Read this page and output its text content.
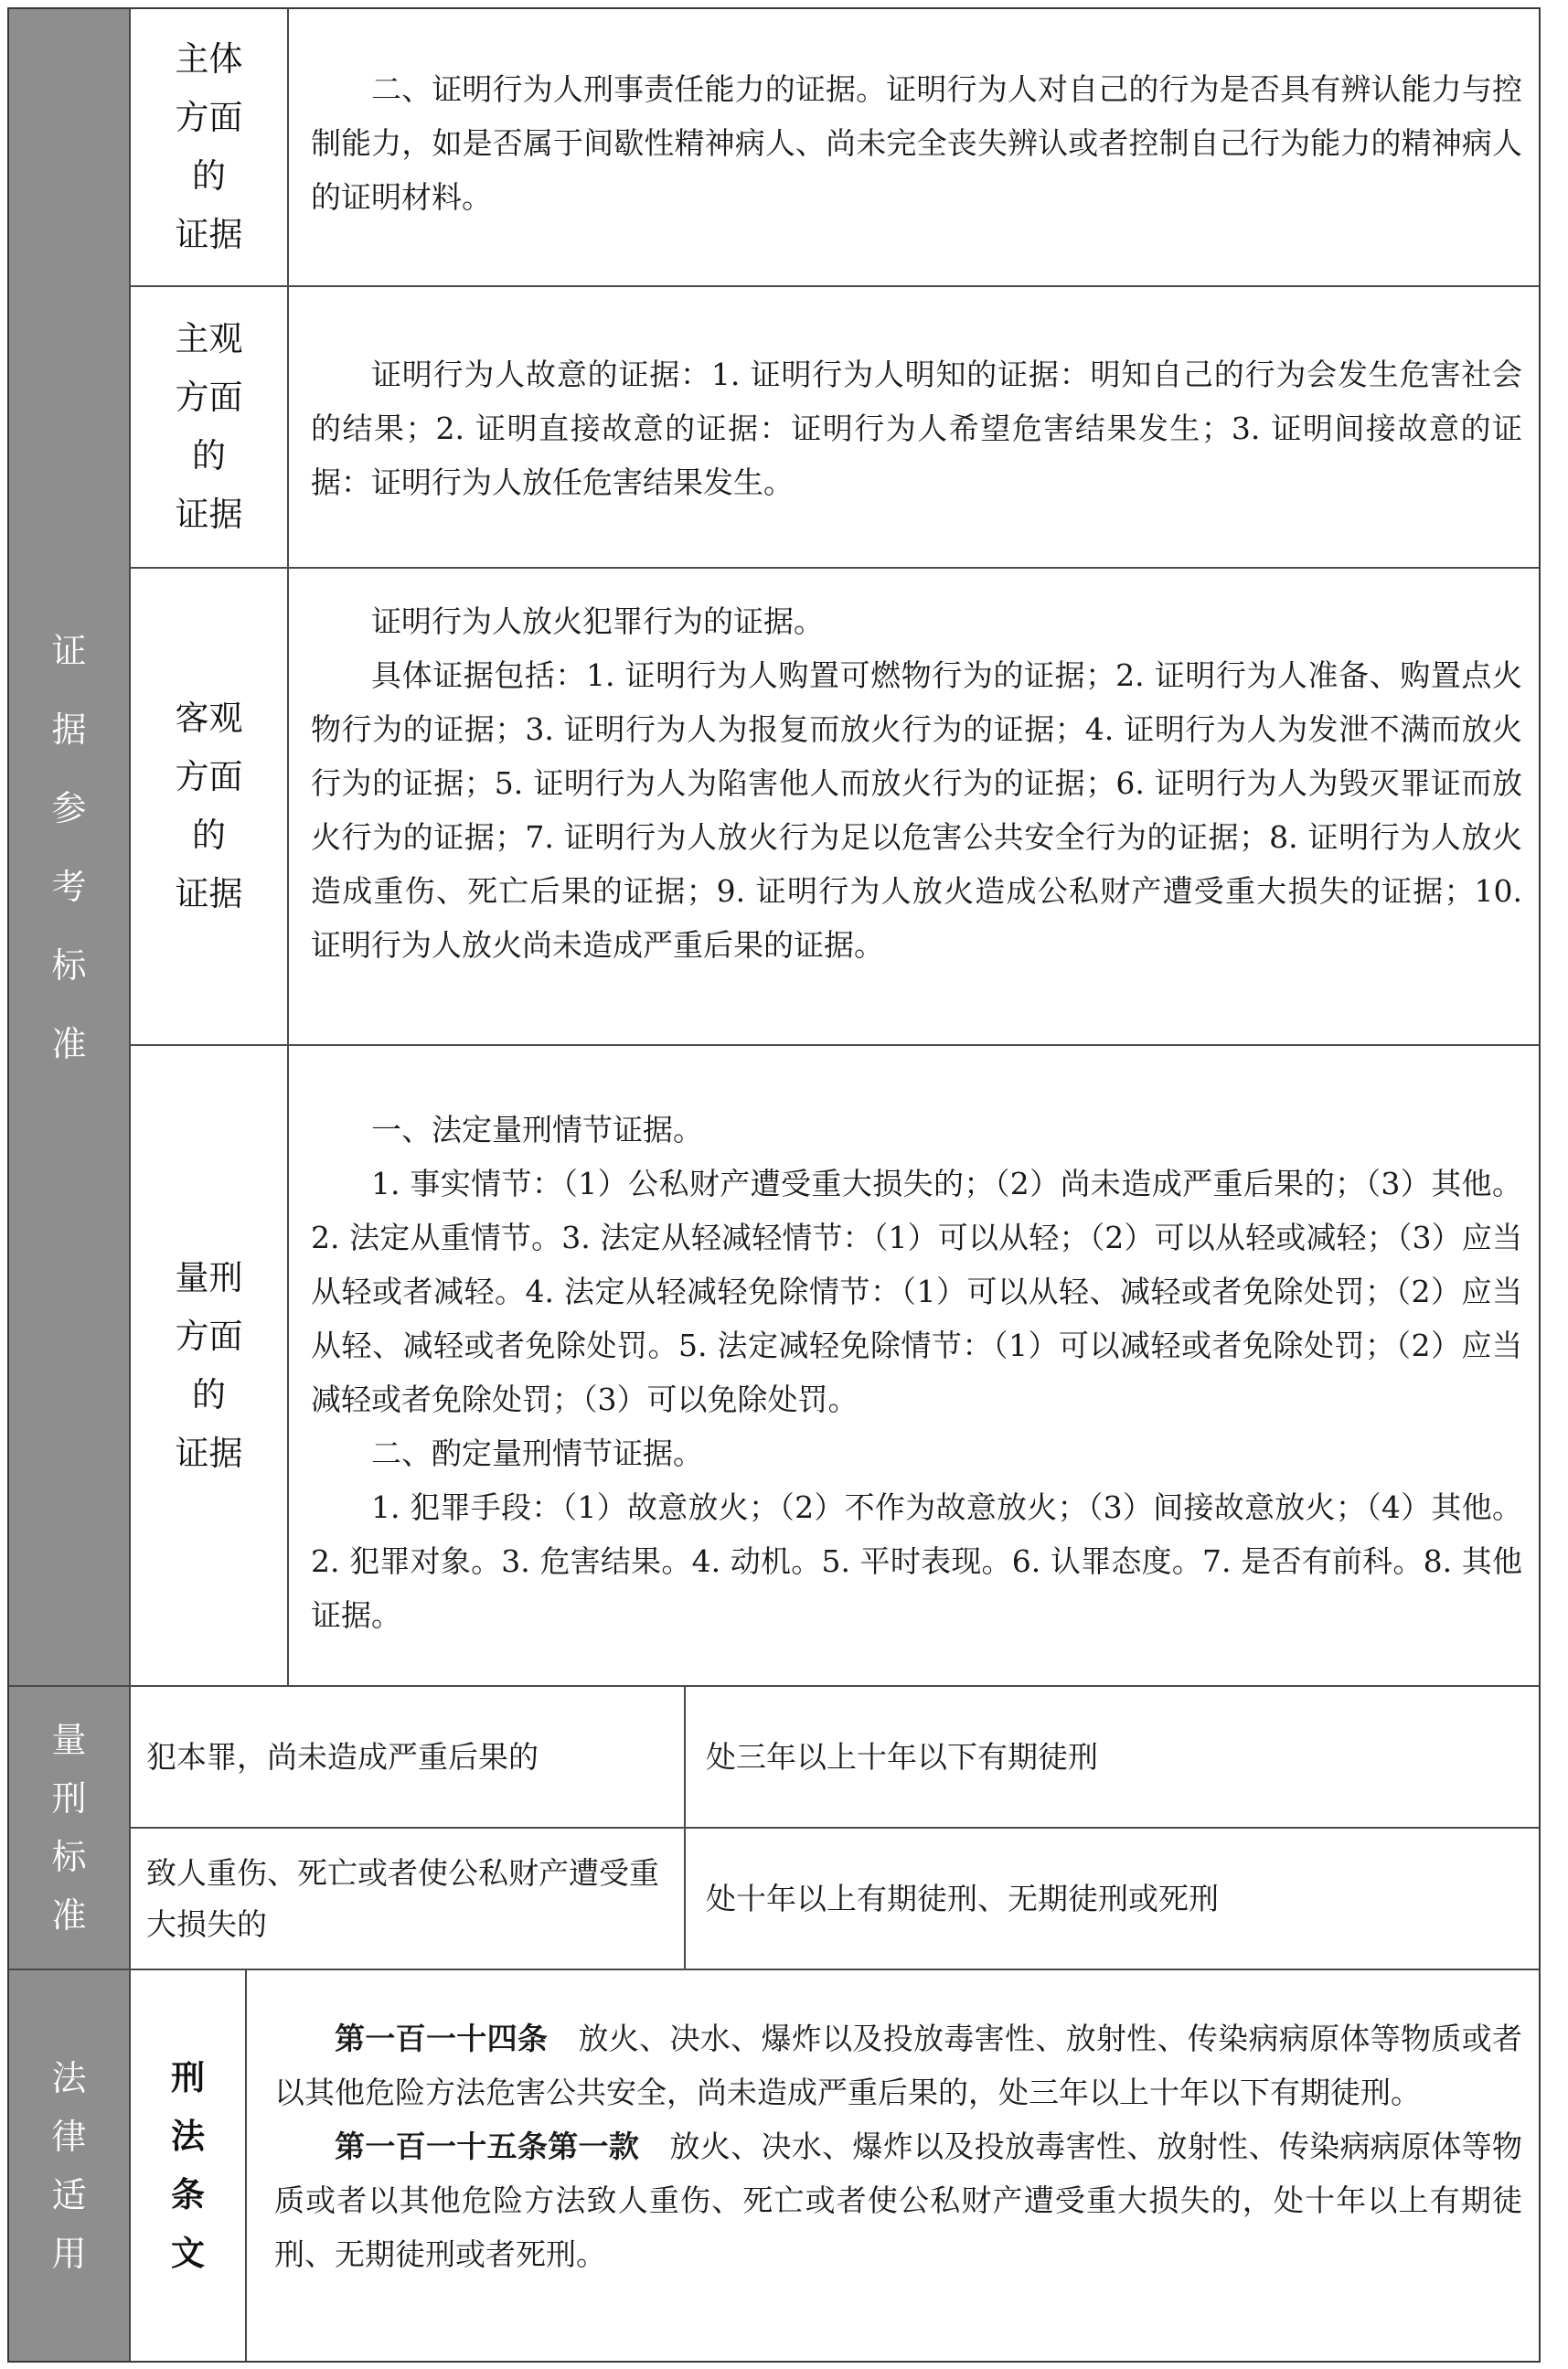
证
据
参
考
标
准
量
刑
标
准
法
律
适
用
主体
方面
的
证据

二、证明行为人刑事责任能力的证据。证明行为人对自己的行为是否具有辨认能力与控制能力，如是否属于间歇性精神病人、尚未完全丧失辨认或者控制自己行为能力的精神病人的证明材料。

主观
方面
的
证据

证明行为人故意的证据：1. 证明行为人明知的证据：明知自己的行为会发生危害社会的结果；2. 证明直接故意的证据：证明行为人希望危害结果发生；3. 证明间接故意的证据：证明行为人放任危害结果发生。

客观
方面
的
证据

证明行为人放火犯罪行为的证据。

具体证据包括：1. 证明行为人购置可燃物行为的证据；2. 证明行为人准备、购置点火物行为的证据；3. 证明行为人为报复而放火行为的证据；4. 证明行为人为发泄不满而放火行为的证据；5. 证明行为人为陷害他人而放火行为的证据；6. 证明行为人为毁灭罪证而放火行为的证据；7. 证明行为人放火行为足以危害公共安全行为的证据；8. 证明行为人放火造成重伤、死亡后果的证据；9. 证明行为人放火造成公私财产遭受重大损失的证据；10. 证明行为人放火尚未造成严重后果的证据。

量刑
方面
的
证据

一、法定量刑情节证据。

1. 事实情节：（1）公私财产遭受重大损失的；（2）尚未造成严重后果的；（3）其他。2. 法定从重情节。3. 法定从轻减轻情节：（1）可以从轻；（2）可以从轻或减轻；（3）应当从轻或者减轻。4. 法定从轻减轻免除情节：（1）可以从轻、减轻或者免除处罚；（2）应当从轻、减轻或者免除处罚。5. 法定减轻免除情节：（1）可以减轻或者免除处罚；（2）应当减轻或者免除处罚；（3）可以免除处罚。

二、酌定量刑情节证据。

1. 犯罪手段：（1）故意放火；（2）不作为故意放火；（3）间接故意放火；（4）其他。2. 犯罪对象。3. 危害结果。4. 动机。5. 平时表现。6. 认罪态度。7. 是否有前科。8. 其他证据。

犯本罪，尚未造成严重后果的	处三年以上十年以下有期徒刑
致人重伤、死亡或者使公私财产遭受重大损失的
处十年以上有期徒刑、无期徒刑或死刑
刑
法
条
文

第一百一十四条　 放火、决水、爆炸以及投放毒害性、放射性、传染病病原体等物质或者以其他危险方法危害公共安全，尚未造成严重后果的，处三年以上十年以下有期徒刑。

第一百一十五条第一款　 放火、决水、爆炸以及投放毒害性、放射性、传染病病原体等物质或者以其他危险方法致人重伤、死亡或者使公私财产遭受重大损失的，处十年以上有期徒刑、无期徒刑或者死刑。
